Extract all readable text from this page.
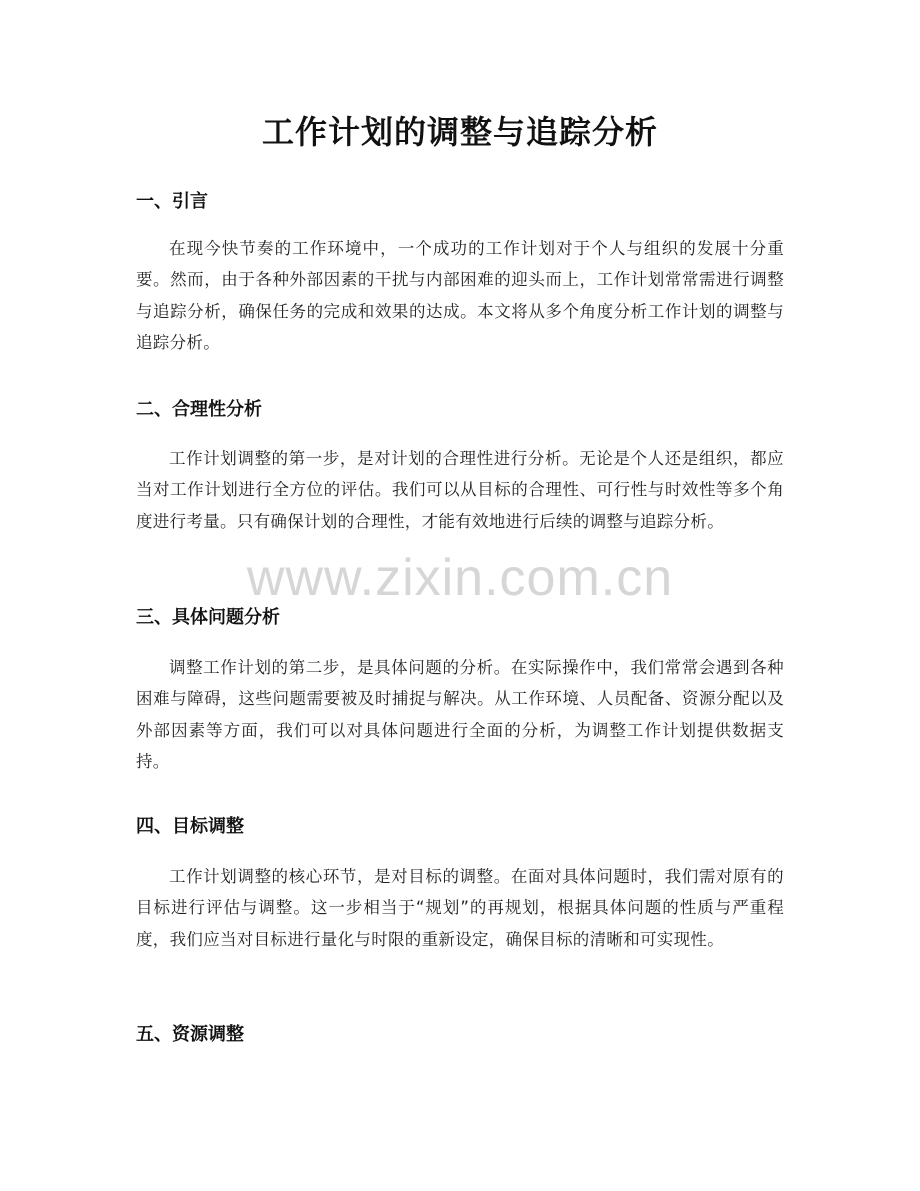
工作计划的调整与追踪分析
一、引言
在现今快节奏的工作环境中，一个成功的工作计划对于个人与组织的发展十分重要。然而，由于各种外部因素的干扰与内部困难的迎头而上，工作计划常常需进行调整与追踪分析，确保任务的完成和效果的达成。本文将从多个角度分析工作计划的调整与追踪分析。
二、合理性分析
工作计划调整的第一步，是对计划的合理性进行分析。无论是个人还是组织，都应当对工作计划进行全方位的评估。我们可以从目标的合理性、可行性与时效性等多个角度进行考量。只有确保计划的合理性，才能有效地进行后续的调整与追踪分析。
三、具体问题分析
调整工作计划的第二步，是具体问题的分析。在实际操作中，我们常常会遇到各种困难与障碍，这些问题需要被及时捕捉与解决。从工作环境、人员配备、资源分配以及外部因素等方面，我们可以对具体问题进行全面的分析，为调整工作计划提供数据支持。
四、目标调整
工作计划调整的核心环节，是对目标的调整。在面对具体问题时，我们需对原有的目标进行评估与调整。这一步相当于“规划”的再规划，根据具体问题的性质与严重程度，我们应当对目标进行量化与时限的重新设定，确保目标的清晰和可实现性。
五、资源调整
www.zixin.com.cn
